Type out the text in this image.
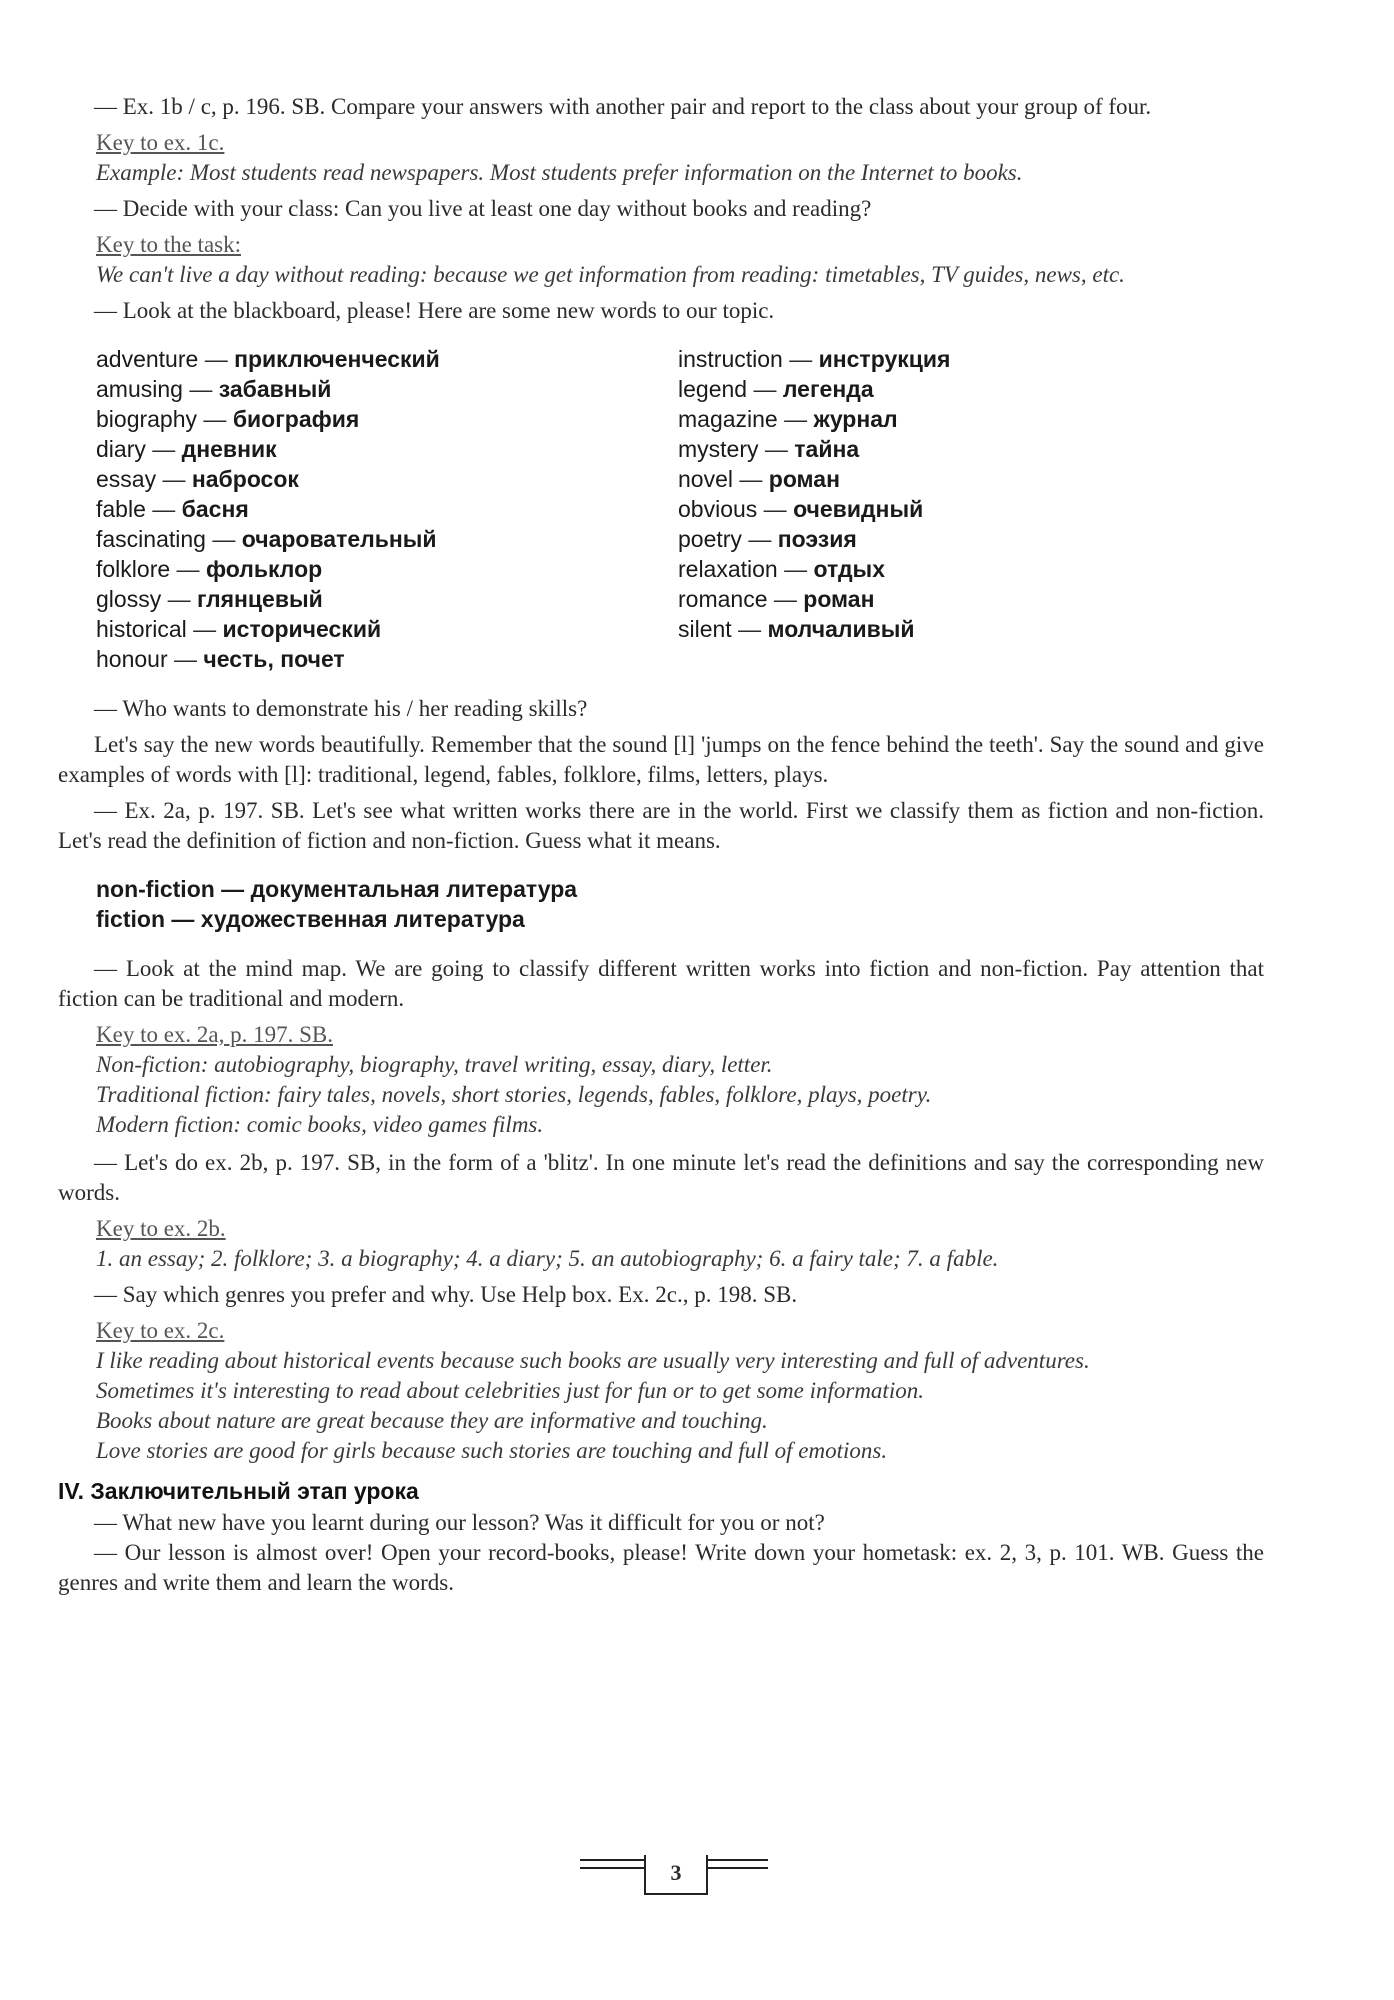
— Ex. 1b / c, p. 196. SB. Compare your answers with another pair and report to the class about your group of four.

Key to ex. 1c.

Example: Most students read newspapers. Most students prefer information on the Internet to books.

— Decide with your class: Can you live at least one day without books and reading?

Key to the task:

We can't live a day without reading: because we get information from reading: timetables, TV guides, news, etc.

— Look at the blackboard, please! Here are some new words to our topic.

adventure — приключенческий
amusing — забавный
biography — биография
diary — дневник
essay — набросок
fable — басня
fascinating — очаровательный
folklore — фольклор
glossy — глянцевый
historical — исторический
honour — честь, почет
instruction — инструкция
legend — легенда
magazine — журнал
mystery — тайна
novel — роман
obvious — очевидный
poetry — поэзия
relaxation — отдых
romance — роман
silent — молчаливый

— Who wants to demonstrate his / her reading skills?

Let's say the new words beautifully. Remember that the sound [l] 'jumps on the fence behind the teeth'. Say the sound and give examples of words with [l]: traditional, legend, fables, folklore, films, letters, plays.

— Ex. 2a, p. 197. SB. Let's see what written works there are in the world. First we classify them as fiction and non-fiction. Let's read the definition of fiction and non-fiction. Guess what it means.

non-fiction — документальная литература
fiction — художественная литература

— Look at the mind map. We are going to classify different written works into fiction and non-fiction. Pay attention that fiction can be traditional and modern.

Key to ex. 2a, p. 197. SB.
Non-fiction: autobiography, biography, travel writing, essay, diary, letter.
Traditional fiction: fairy tales, novels, short stories, legends, fables, folklore, plays, poetry.
Modern fiction: comic books, video games films.

— Let's do ex. 2b, p. 197. SB, in the form of a 'blitz'. In one minute let's read the definitions and say the corresponding new words.

Key to ex. 2b.

1. an essay; 2. folklore; 3. a biography; 4. a diary; 5. an autobiography; 6. a fairy tale; 7. a fable.

— Say which genres you prefer and why. Use Help box. Ex. 2c., p. 198. SB.

Key to ex. 2c.

I like reading about historical events because such books are usually very interesting and full of adventures.

Sometimes it's interesting to read about celebrities just for fun or to get some information.
Books about nature are great because they are informative and touching.
Love stories are good for girls because such stories are touching and full of emotions.
IV. Заключительный этап урока

— What new have you learnt during our lesson? Was it difficult for you or not?

— Our lesson is almost over! Open your record-books, please! Write down your hometask: ex. 2, 3, p. 101. WB. Guess the genres and write them and learn the words.

3
